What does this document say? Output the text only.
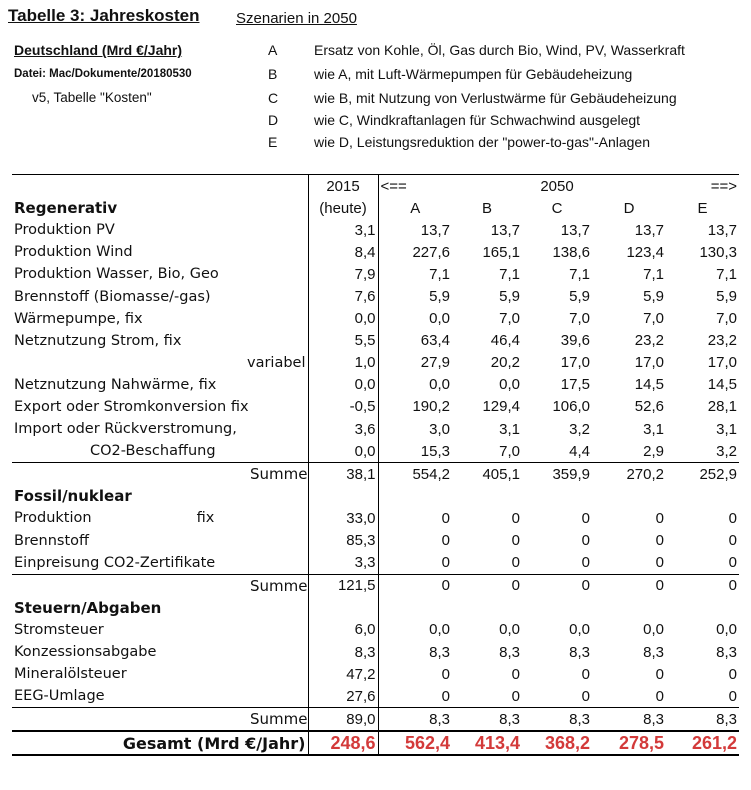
Tabelle 3: Jahreskosten Szenarien in 2050
Deutschland (Mrd €/Jahr)
Datei: Mac/Dokumente/20180530
v5, Tabelle "Kosten"
A	Ersatz von Kohle, Öl, Gas durch Bio, Wind, PV, Wasserkraft
B	wie A, mit Luft-Wärmepumpen für Gebäudeheizung
C	wie B, mit Nutzung von Verlustwärme für Gebäudeheizung
D	wie C, Windkraftanlagen für Schwachwind ausgelegt
E	wie D, Leistungsreduktion der "power-to-gas"-Anlagen
	2015	<==		2050		==>
Regenerativ	(heute)	A	B	C	D	E
Produktion PV	3,1	13,7	13,7	13,7	13,7	13,7
Produktion Wind	8,4	227,6	165,1	138,6	123,4	130,3
Produktion Wasser, Bio, Geo	7,9	7,1	7,1	7,1	7,1	7,1
Brennstoff (Biomasse/-gas)	7,6	5,9	5,9	5,9	5,9	5,9
Wärmepumpe, fix	0,0	0,0	7,0	7,0	7,0	7,0
Netznutzung Strom, fix	5,5	63,4	46,4	39,6	23,2	23,2
variabel	1,0	27,9	20,2	17,0	17,0	17,0
Netznutzung Nahwärme, fix	0,0	0,0	0,0	17,5	14,5	14,5
Export oder Stromkonversion fix	-0,5	190,2	129,4	106,0	52,6	28,1
Import oder Rückverstromung,	3,6	3,0	3,1	3,2	3,1	3,1
CO2-Beschaffung	0,0	15,3	7,0	4,4	2,9	3,2
Summe	38,1	554,2	405,1	359,9	270,2	252,9
Fossil/nuklear						
Produktion fix	33,0	0	0	0	0	0
Brennstoff	85,3	0	0	0	0	0
Einpreisung CO2-Zertifikate	3,3	0	0	0	0	0
Summe	121,5	0	0	0	0	0
Steuern/Abgaben						
Stromsteuer	6,0	0,0	0,0	0,0	0,0	0,0
Konzessionsabgabe	8,3	8,3	8,3	8,3	8,3	8,3
Mineralölsteuer	47,2	0	0	0	0	0
EEG-Umlage	27,6	0	0	0	0	0
Summe	89,0	8,3	8,3	8,3	8,3	8,3
Gesamt (Mrd €/Jahr)	248,6	562,4	413,4	368,2	278,5	261,2
